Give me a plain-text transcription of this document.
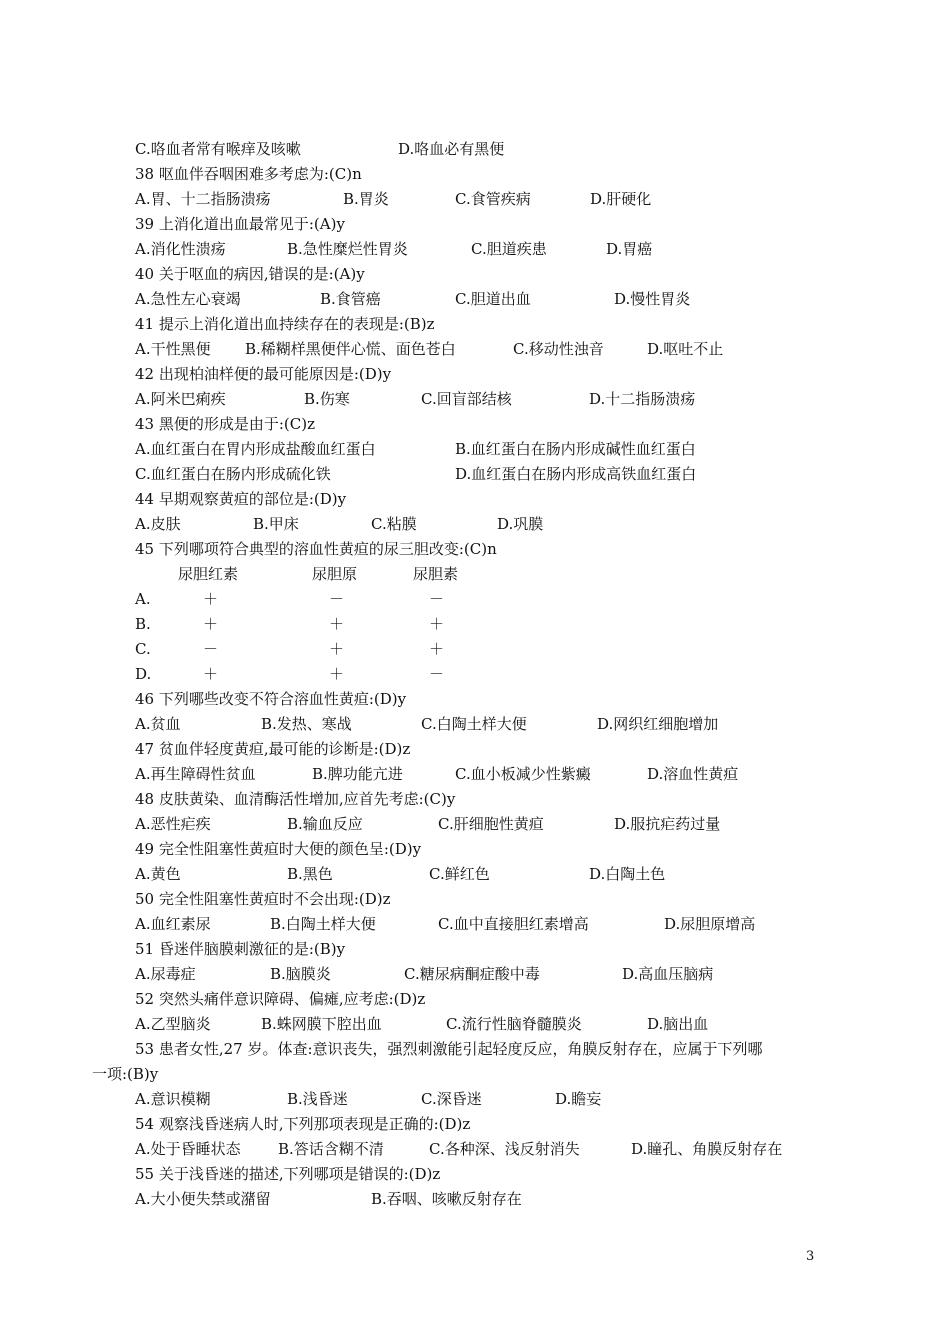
C.咯血者常有喉痒及咳嗽	D.咯血必有黑便
38 呕血伴吞咽困难多考虑为:(C)n
A.胃、十二指肠溃疡	B.胃炎	C.食管疾病	D.肝硬化
39 上消化道出血最常见于:(A)y
A.消化性溃疡	B.急性糜烂性胃炎	C.胆道疾患	D.胃癌
40 关于呕血的病因,错误的是:(A)y
A.急性左心衰竭	B.食管癌	C.胆道出血	D.慢性胃炎
41 提示上消化道出血持续存在的表现是:(B)z
A.干性黑便 B.稀糊样黑便伴心慌、面色苍白	C.移动性浊音	D.呕吐不止
42 出现柏油样便的最可能原因是:(D)y
A.阿米巴痢疾	B.伤寒	C.回盲部结核	D.十二指肠溃疡
43 黑便的形成是由于:(C)z
A.血红蛋白在胃内形成盐酸血红蛋白	B.血红蛋白在肠内形成碱性血红蛋白
C.血红蛋白在肠内形成硫化铁	D.血红蛋白在肠内形成高铁血红蛋白
44 早期观察黄疸的部位是:(D)y
A.皮肤	B.甲床	C.粘膜	D.巩膜
45 下列哪项符合典型的溶血性黄疸的尿三胆改变:(C)n
尿胆红素	尿胆原	尿胆素
A.	＋	－	－
B.	＋	＋	＋
C.	－	＋	＋
D.	＋	＋	－
46 下列哪些改变不符合溶血性黄疸:(D)y
A.贫血	B.发热、寒战	C.白陶土样大便	D.网织红细胞增加
47 贫血伴轻度黄疸,最可能的诊断是:(D)z
A.再生障碍性贫血	B.脾功能亢进	C.血小板减少性紫癜	D.溶血性黄疸
48 皮肤黄染、血清酶活性增加,应首先考虑:(C)y
A.恶性疟疾	B.输血反应	C.肝细胞性黄疸	D.服抗疟药过量
49 完全性阻塞性黄疸时大便的颜色呈:(D)y
A.黄色	B.黑色	C.鲜红色	D.白陶土色
50 完全性阻塞性黄疸时不会出现:(D)z
A.血红素尿	B.白陶土样大便	C.血中直接胆红素增高	D.尿胆原增高
51 昏迷伴脑膜刺激征的是:(B)y
A.尿毒症	B.脑膜炎	C.糖尿病酮症酸中毒	D.高血压脑病
52 突然头痛伴意识障碍、偏瘫,应考虑:(D)z
A.乙型脑炎	B.蛛网膜下腔出血	C.流行性脑脊髓膜炎	D.脑出血
53 患者女性,27 岁。体查:意识丧失，强烈刺激能引起轻度反应，角膜反射存在，应属于下列哪
一项:(B)y
A.意识模糊	B.浅昏迷	C.深昏迷	D.瞻妄
54 观察浅昏迷病人时,下列那项表现是正确的:(D)z
A.处于昏睡状态 B.答话含糊不清	C.各种深、浅反射消失	D.瞳孔、角膜反射存在
55 关于浅昏迷的描述,下列哪项是错误的:(D)z
A.大小便失禁或潴留	B.吞咽、咳嗽反射存在
3
